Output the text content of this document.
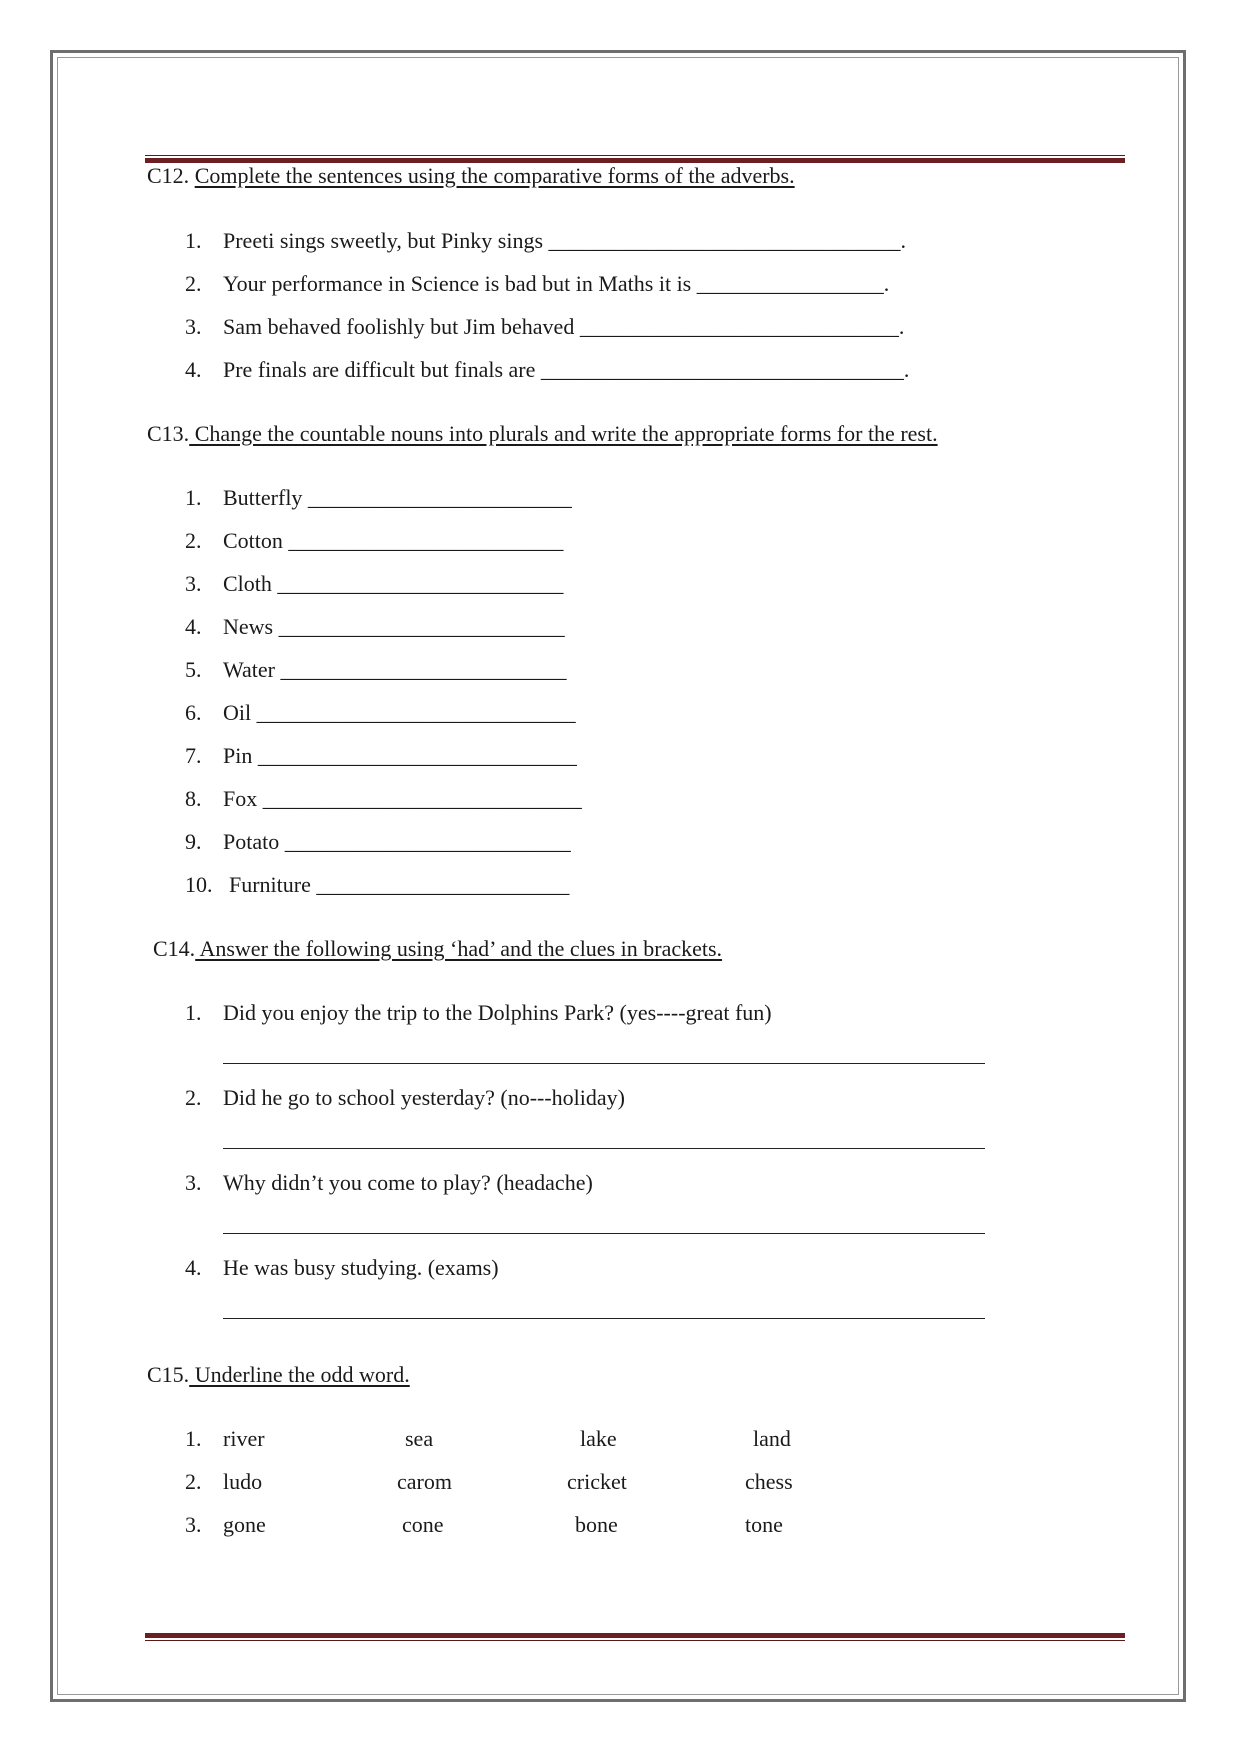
C12. Complete the sentences using the comparative forms of the adverbs.
1. Preeti sings sweetly, but Pinky sings ________________________________.
2. Your performance in Science is bad but in Maths it is _________________.
3. Sam behaved foolishly but Jim behaved _____________________________.
4. Pre finals are difficult but finals are _________________________________.
C13. Change the countable nouns into plurals and write the appropriate forms for the rest.
1. Butterfly ________________________
2. Cotton _________________________
3. Cloth __________________________
4. News __________________________
5. Water __________________________
6. Oil _____________________________
7. Pin _____________________________
8. Fox _____________________________
9. Potato __________________________
10. Furniture _______________________
C14. Answer the following using ‘had’ and the clues in brackets.
1. Did you enjoy the trip to the Dolphins Park? (yes----great fun)
2. Did he go to school yesterday? (no---holiday)
3. Why didn’t you come to play? (headache)
4. He was busy studying. (exams)
C15. Underline the odd word.
1. river	sea	lake	land
2. ludo	carom	cricket	chess
3. gone	cone	bone	tone
